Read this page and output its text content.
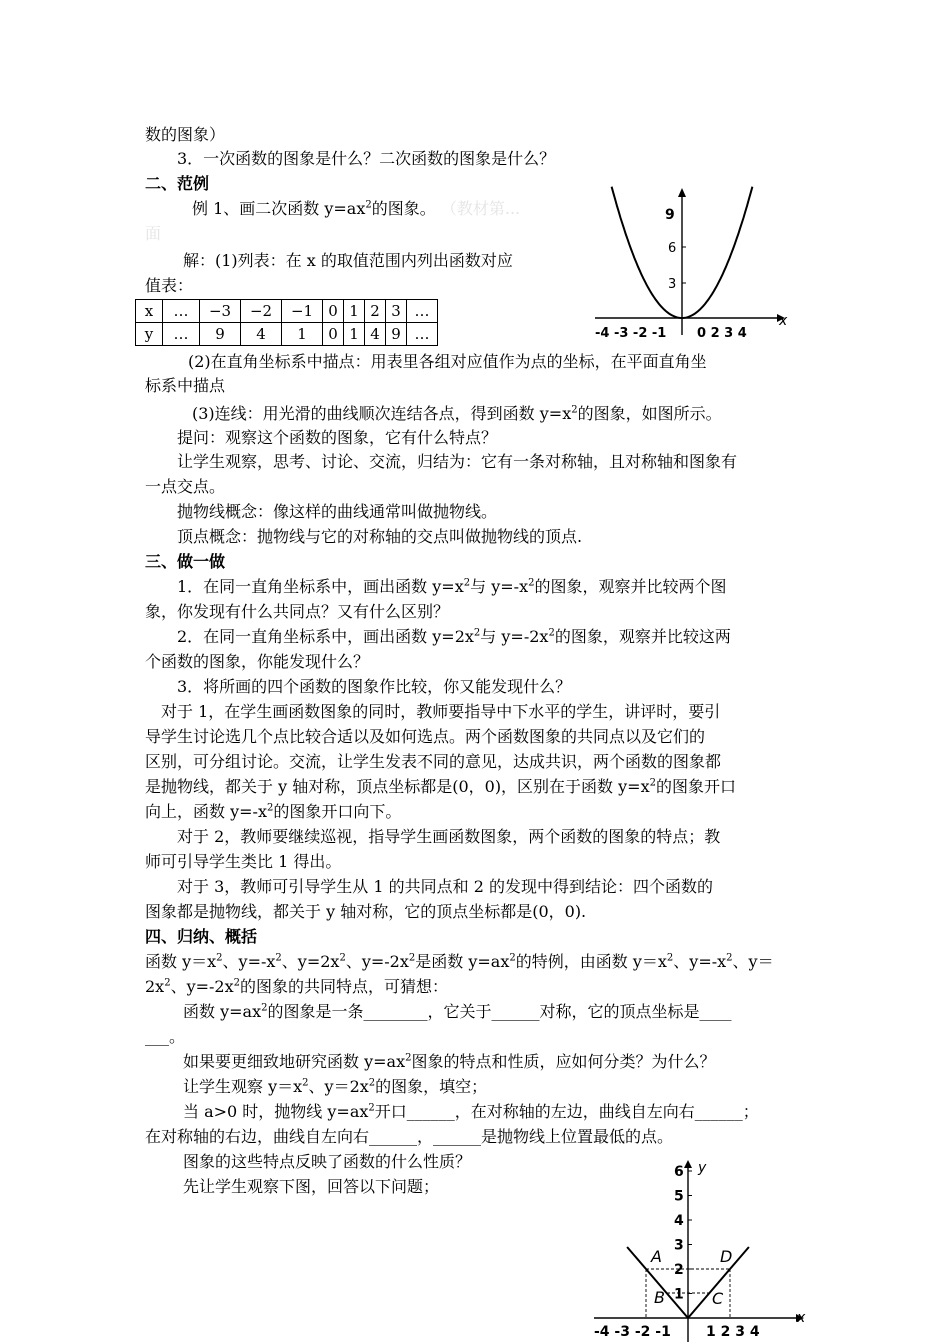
数的图象）
3．一次函数的图象是什么？二次函数的图象是什么？
二、范例
例 1、画二次函数 $y=ax^2$的图象。 （教材第...
面
解：(1)列表：在 x 的取值范围内列出函数对应
值表：
x	…	−3	−2	−1	0	1	2	3	…
y	…	9	4	1	0	1	4	9	…
x
9
6
3
-4 -3 -2 -1 0 2 3 4
(2)在直角坐标系中描点：用表里各组对应值作为点的坐标，在平面直角坐
标系中描点
(3)连线：用光滑的曲线顺次连结各点，得到函数 $y=x^2$的图象，如图所示。
提问：观察这个函数的图象，它有什么特点？
让学生观察，思考、讨论、交流，归结为：它有一条对称轴，且对称轴和图象有
一点交点。
抛物线概念：像这样的曲线通常叫做抛物线。
顶点概念：抛物线与它的对称轴的交点叫做抛物线的顶点.
三、做一做
1．在同一直角坐标系中，画出函数 $y=x^2$与 $y=-x^2$的图象，观察并比较两个图
象，你发现有什么共同点？又有什么区别？
2．在同一直角坐标系中，画出函数 $y=2x^2$与 $y=-2x^2$的图象，观察并比较这两
个函数的图象，你能发现什么？
3．将所画的四个函数的图象作比较，你又能发现什么？
对于 1，在学生画函数图象的同时，教师要指导中下水平的学生，讲评时，要引
导学生讨论选几个点比较合适以及如何选点。两个函数图象的共同点以及它们的
区别，可分组讨论。交流，让学生发表不同的意见，达成共识，两个函数的图象都
是抛物线，都关于 y 轴对称，顶点坐标都是(0，0)，区别在于函数 $y=x^2$的图象开口
向上，函数 $y=-x^2$的图象开口向下。
对于 2，教师要继续巡视，指导学生画函数图象，两个函数的图象的特点；教
师可引导学生类比 1 得出。
对于 3，教师可引导学生从 1 的共同点和 2 的发现中得到结论：四个函数的
图象都是抛物线，都关于 y 轴对称，它的顶点坐标都是(0，0).
四、归纳、概括
函数 $y=x^2$、$y=-x^2$、$y=2x^2$、$y=-2x^2$是函数 $y=ax^2$的特例，由函数 $y=x^2$、$y=-x^2$、y＝
$2x^2$、$y=-2x^2$的图象的共同特点，可猜想：
函数 $y=ax^2$的图象是一条________，它关于______对称，它的顶点坐标是____
___。
如果要更细致地研究函数 $y=ax^2$图象的特点和性质，应如何分类？为什么？
让学生观察 $y=x^2$、$y=2x^2$的图象，填空；
当 a>0 时，抛物线 $y=ax^2$开口______，在对称轴的左边，曲线自左向右______；
在对称轴的右边，曲线自左向右______，______是抛物线上位置最低的点。
图象的这些特点反映了函数的什么性质？
先让学生观察下图，回答以下问题；
x
y
6
5
4
3
2
1
-4 -3 -2 -1	1 2 3 4
A
B	C
D
